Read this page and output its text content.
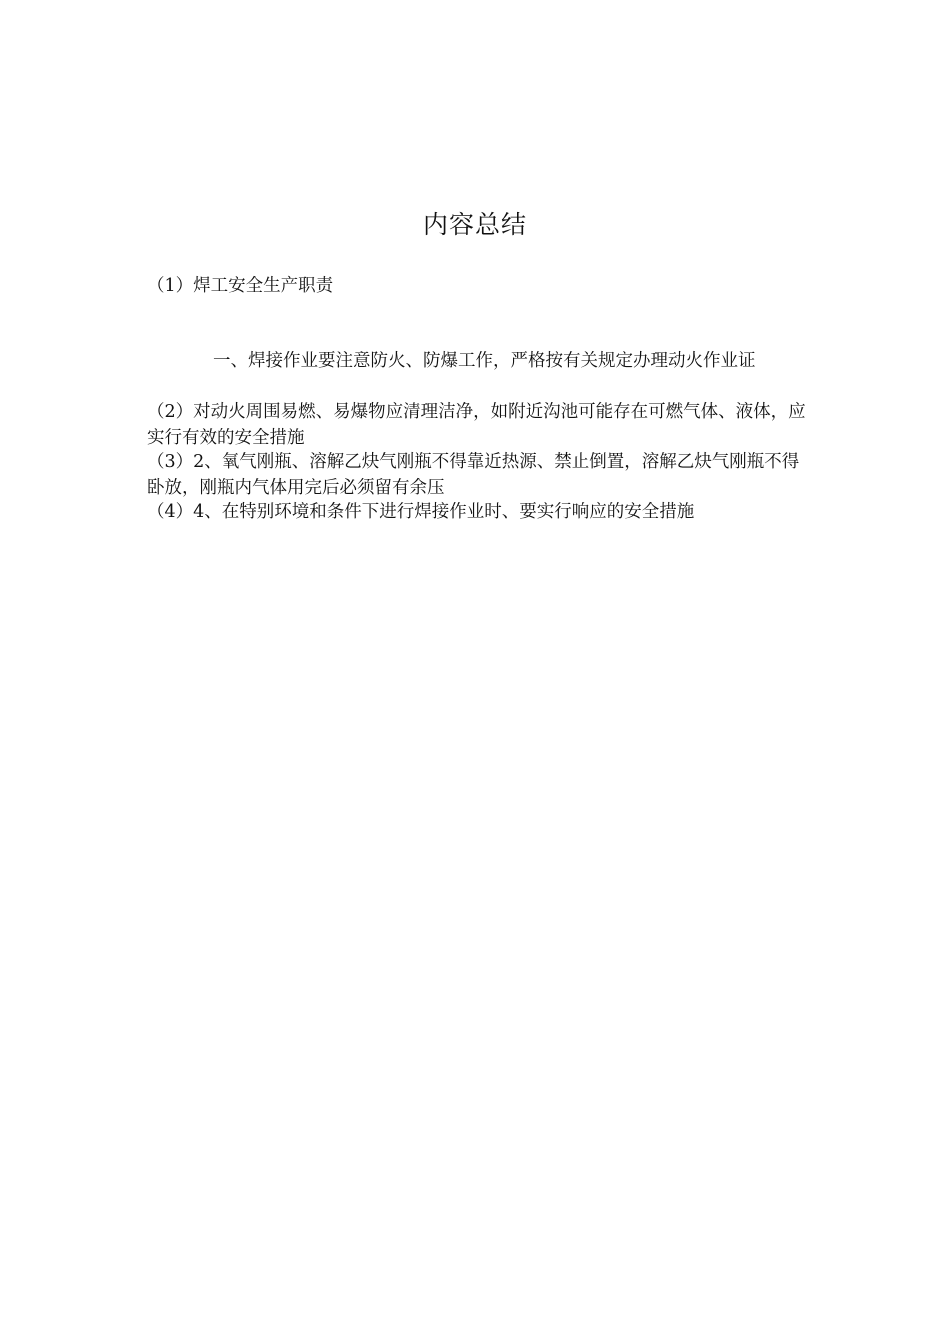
内容总结
（1）焊工安全生产职责
一、焊接作业要注意防火、防爆工作，严格按有关规定办理动火作业证
（2）对动火周围易燃、易爆物应清理洁净，如附近沟池可能存在可燃气体、液体，应实行有效的安全措施
（3）2、氧气刚瓶、溶解乙炔气刚瓶不得靠近热源、禁止倒置，溶解乙炔气刚瓶不得卧放，刚瓶内气体用完后必须留有余压
（4）4、在特别环境和条件下进行焊接作业时、要实行响应的安全措施
